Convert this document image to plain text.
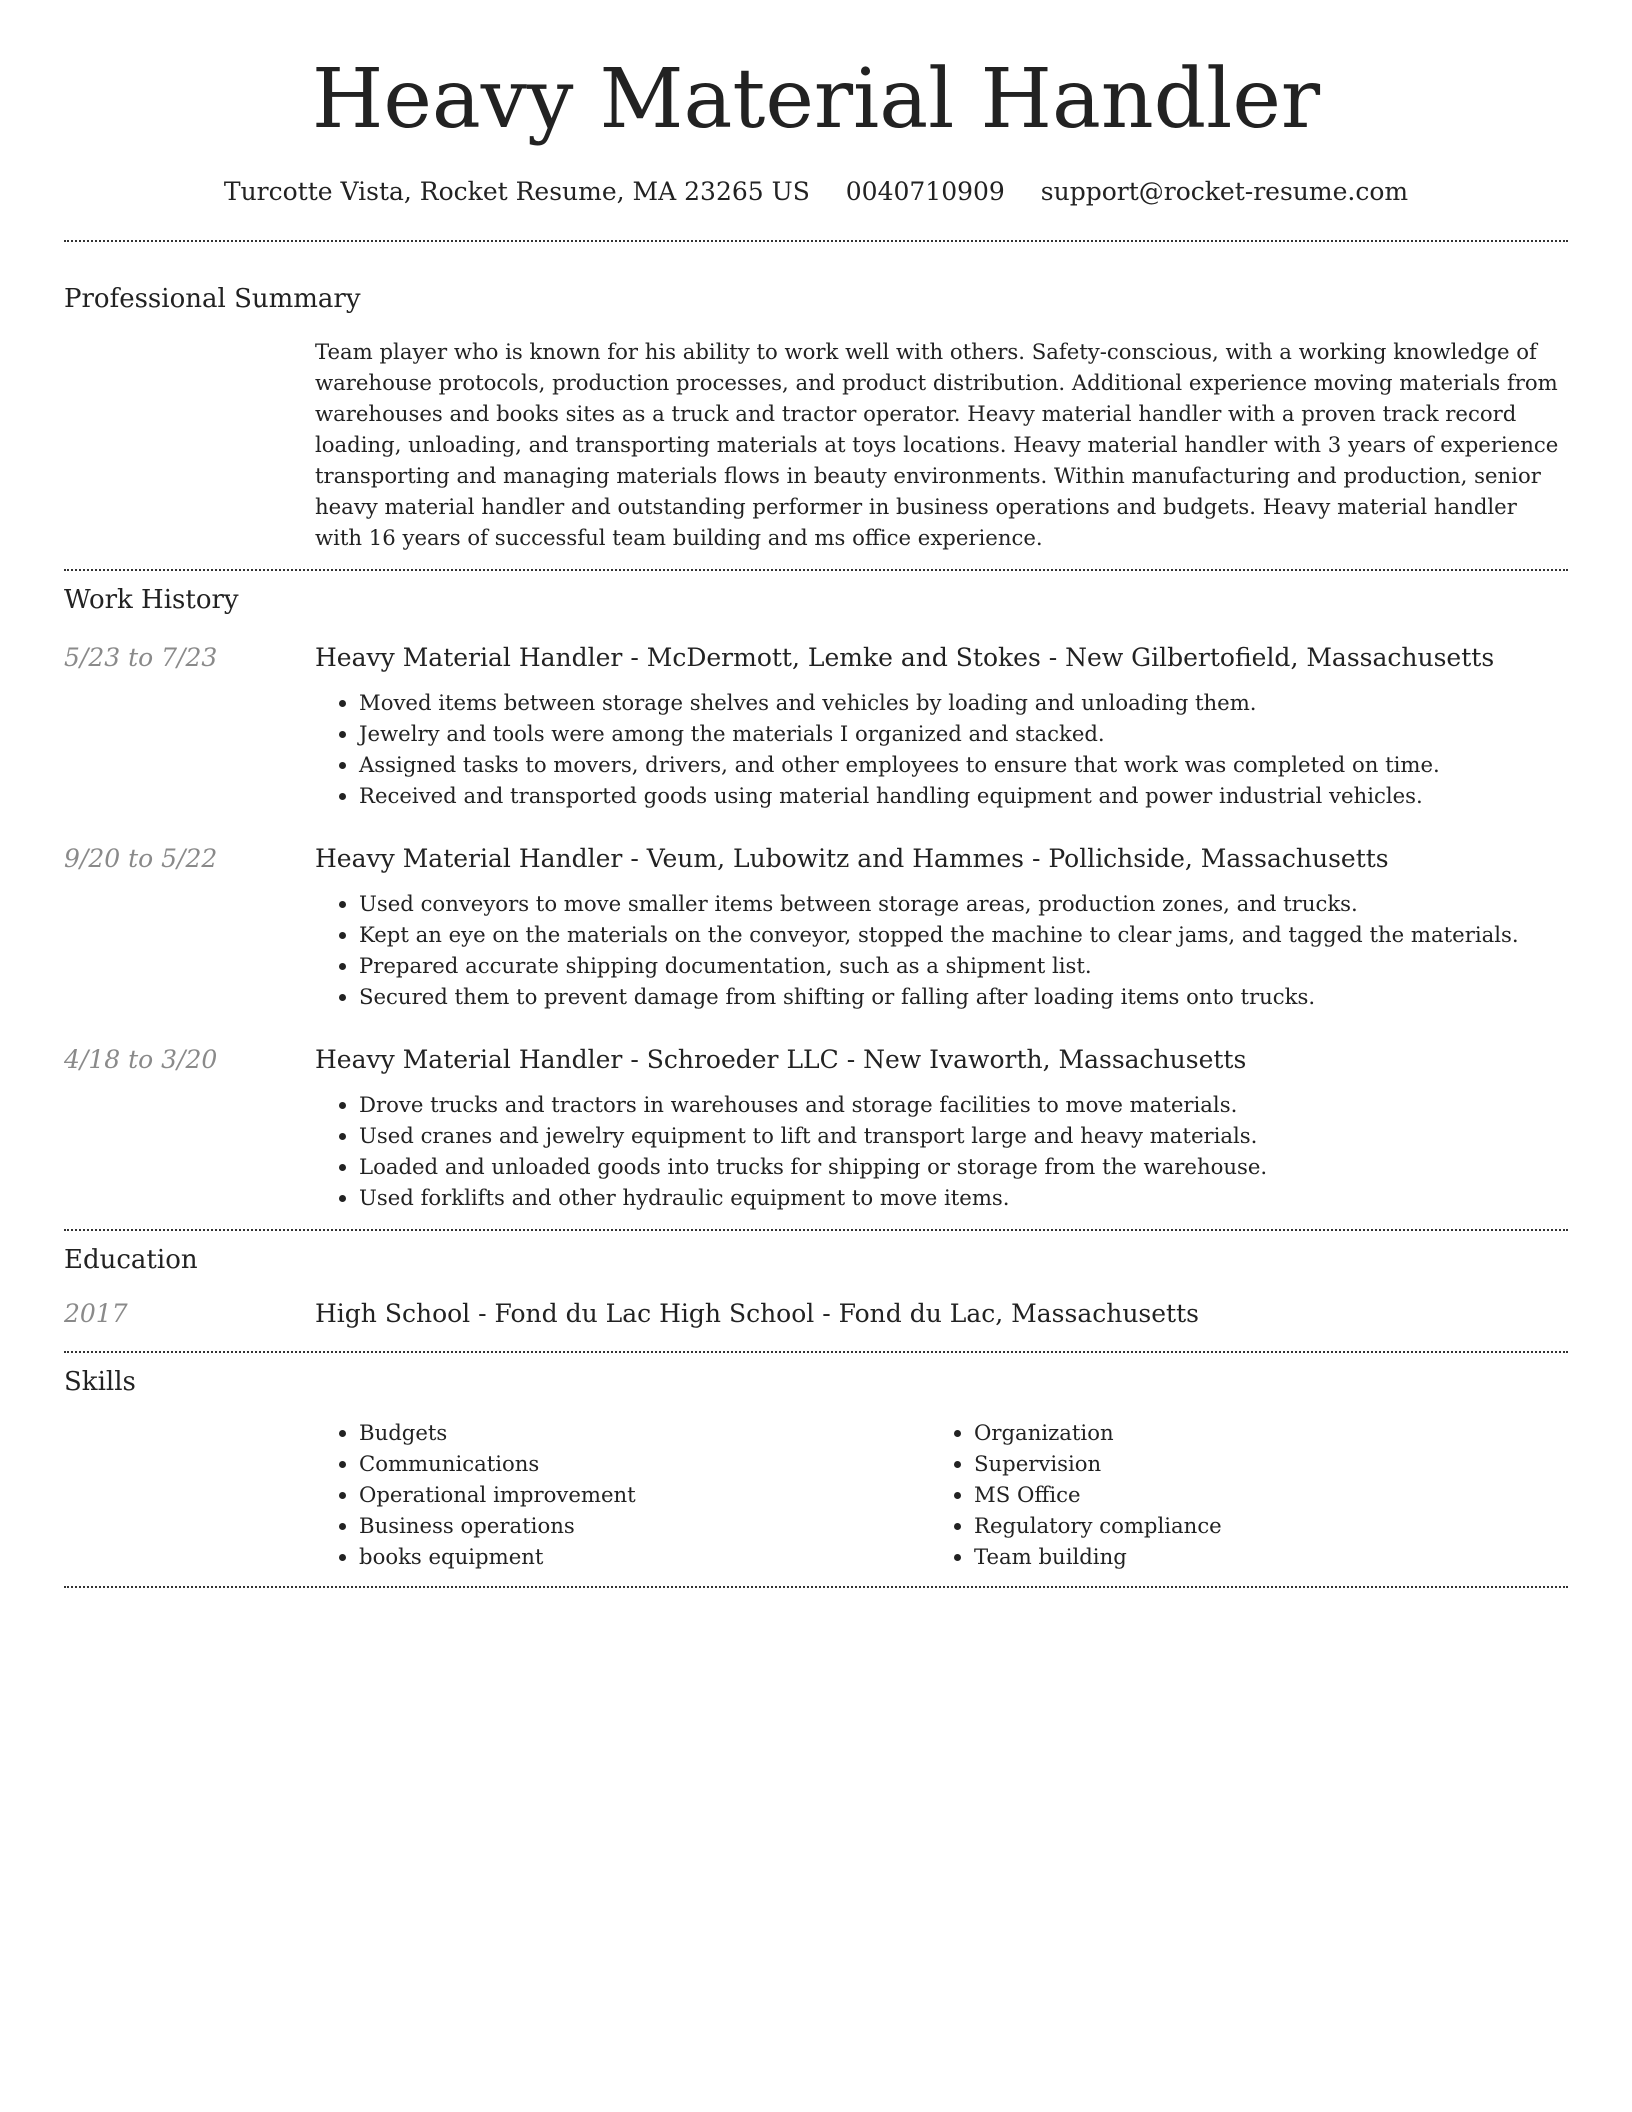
Heavy Material Handler
Turcotte Vista, Rocket Resume, MA 23265 US 0040710909 support@rocket-resume.com
Professional Summary
Team player who is known for his ability to work well with others. Safety-conscious, with a working knowledge of warehouse protocols, production processes, and product distribution. Additional experience moving materials from warehouses and books sites as a truck and tractor operator. Heavy material handler with a proven track record loading, unloading, and transporting materials at toys locations. Heavy material handler with 3 years of experience transporting and managing materials flows in beauty environments. Within manufacturing and production, senior heavy material handler and outstanding performer in business operations and budgets. Heavy material handler with 16 years of successful team building and ms office experience.
Work History
5/23 to 7/23	Heavy Material Handler - McDermott, Lemke and Stokes - New Gilbertofield, Massachusetts
• Moved items between storage shelves and vehicles by loading and unloading them.
• Jewelry and tools were among the materials I organized and stacked.
• Assigned tasks to movers, drivers, and other employees to ensure that work was completed on time.
• Received and transported goods using material handling equipment and power industrial vehicles.
9/20 to 5/22	Heavy Material Handler - Veum, Lubowitz and Hammes - Pollichside, Massachusetts
• Used conveyors to move smaller items between storage areas, production zones, and trucks.
• Kept an eye on the materials on the conveyor, stopped the machine to clear jams, and tagged the materials.
• Prepared accurate shipping documentation, such as a shipment list.
• Secured them to prevent damage from shifting or falling after loading items onto trucks.
4/18 to 3/20	Heavy Material Handler - Schroeder LLC - New Ivaworth, Massachusetts
• Drove trucks and tractors in warehouses and storage facilities to move materials.
• Used cranes and jewelry equipment to lift and transport large and heavy materials.
• Loaded and unloaded goods into trucks for shipping or storage from the warehouse.
• Used forklifts and other hydraulic equipment to move items.
Education
2017	High School - Fond du Lac High School - Fond du Lac, Massachusetts
Skills
• Budgets
• Communications
• Operational improvement
• Business operations
• books equipment
• Organization
• Supervision
• MS Office
• Regulatory compliance
• Team building
